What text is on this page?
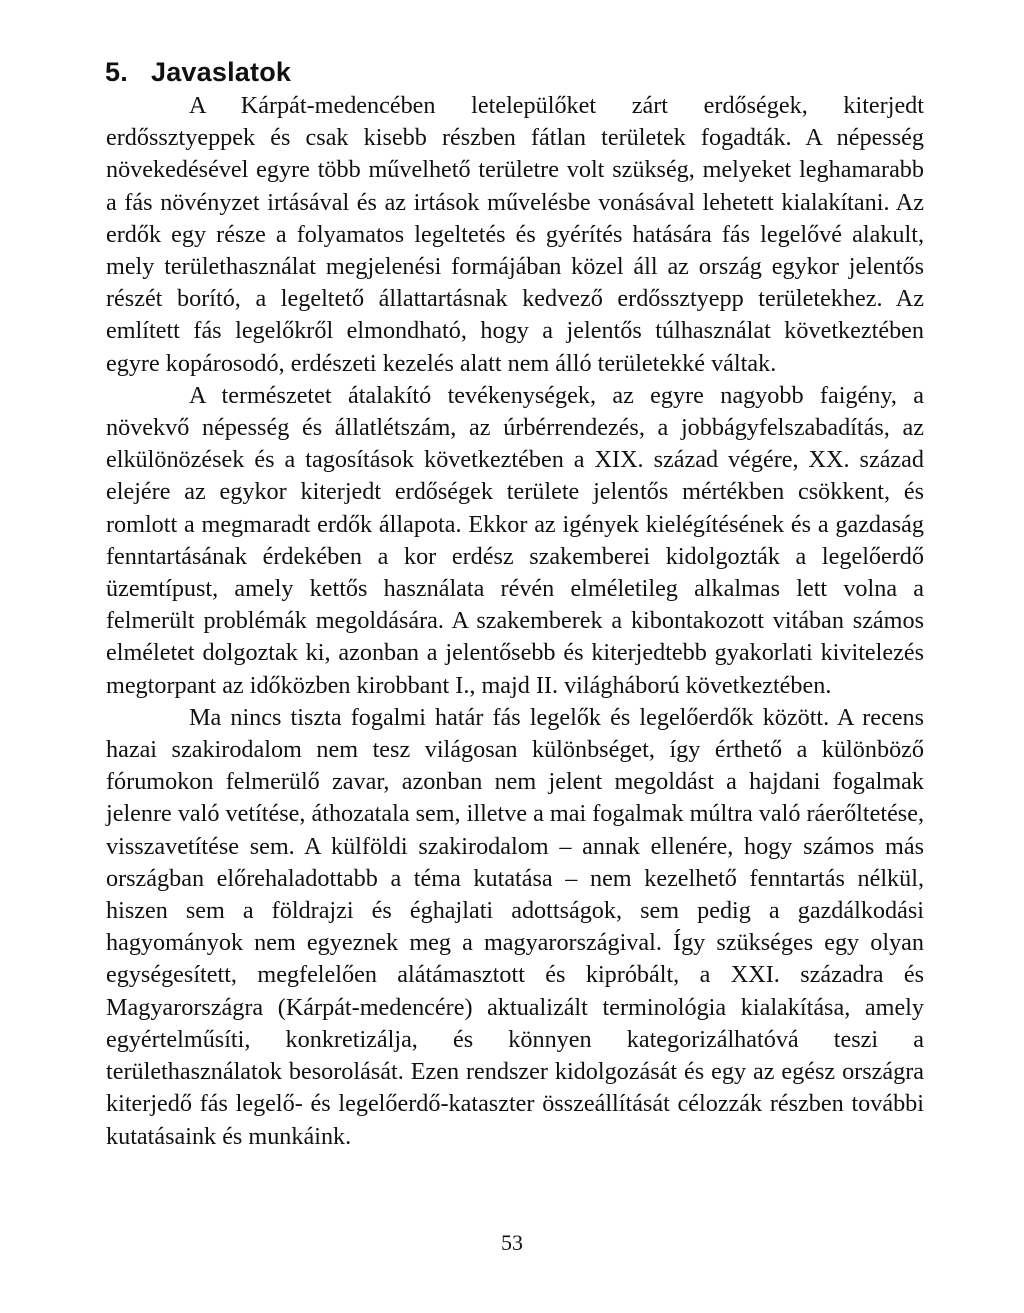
5. Javaslatok

A Kárpát-medencében letelepülőket zárt erdőségek, kiterjedt erdőssztyeppek és csak kisebb részben fátlan területek fogadták. A népesség növekedésével egyre több művelhető területre volt szükség, melyeket leghamarabb a fás növényzet irtásával és az irtások művelésbe vonásával lehetett kialakítani. Az erdők egy része a folyamatos legeltetés és gyérítés hatására fás legelővé alakult, mely területhasználat megjelenési formájában közel áll az ország egykor jelentős részét borító, a legeltető állattartásnak kedvező erdőssztyepp területekhez. Az említett fás legelőkről elmondható, hogy a jelentős túlhasználat következtében egyre kopárosodó, erdészeti kezelés alatt nem álló területekké váltak.

A természetet átalakító tevékenységek, az egyre nagyobb faigény, a növekvő népesség és állatlétszám, az úrbérrendezés, a jobbágyfelszabadítás, az elkülönözések és a tagosítások következtében a XIX. század végére, XX. század elejére az egykor kiterjedt erdőségek területe jelentős mértékben csökkent, és romlott a megmaradt erdők állapota. Ekkor az igények kielégítésének és a gazdaság fenntartásának érdekében a kor erdész szakemberei kidolgozták a legelőerdő üzemtípust, amely kettős használata révén elméletileg alkalmas lett volna a felmerült problémák megoldására. A szakemberek a kibontakozott vitában számos elméletet dolgoztak ki, azonban a jelentősebb és kiterjedtebb gyakorlati kivitelezés megtorpant az időközben kirobbant I., majd II. világháború következtében.

Ma nincs tiszta fogalmi határ fás legelők és legelőerdők között. A recens hazai szakirodalom nem tesz világosan különbséget, így érthető a különböző fórumokon felmerülő zavar, azonban nem jelent megoldást a hajdani fogalmak jelenre való vetítése, áthozatala sem, illetve a mai fogalmak múltra való ráerőltetése, visszavetítése sem. A külföldi szakirodalom – annak ellenére, hogy számos más országban előrehaladottabb a téma kutatása – nem kezelhető fenntartás nélkül, hiszen sem a földrajzi és éghajlati adottságok, sem pedig a gazdálkodási hagyományok nem egyeznek meg a magyarországival. Így szükséges egy olyan egységesített, megfelelően alátámasztott és kipróbált, a XXI. századra és Magyarországra (Kárpát-medencére) aktualizált terminológia kialakítása, amely egyértelműsíti, konkretizálja, és könnyen kategorizálhatóvá teszi a területhasználatok besorolását. Ezen rendszer kidolgozását és egy az egész országra kiterjedő fás legelő- és legelőerdő-kataszter összeállítását célozzák részben további kutatásaink és munkáink.

53
